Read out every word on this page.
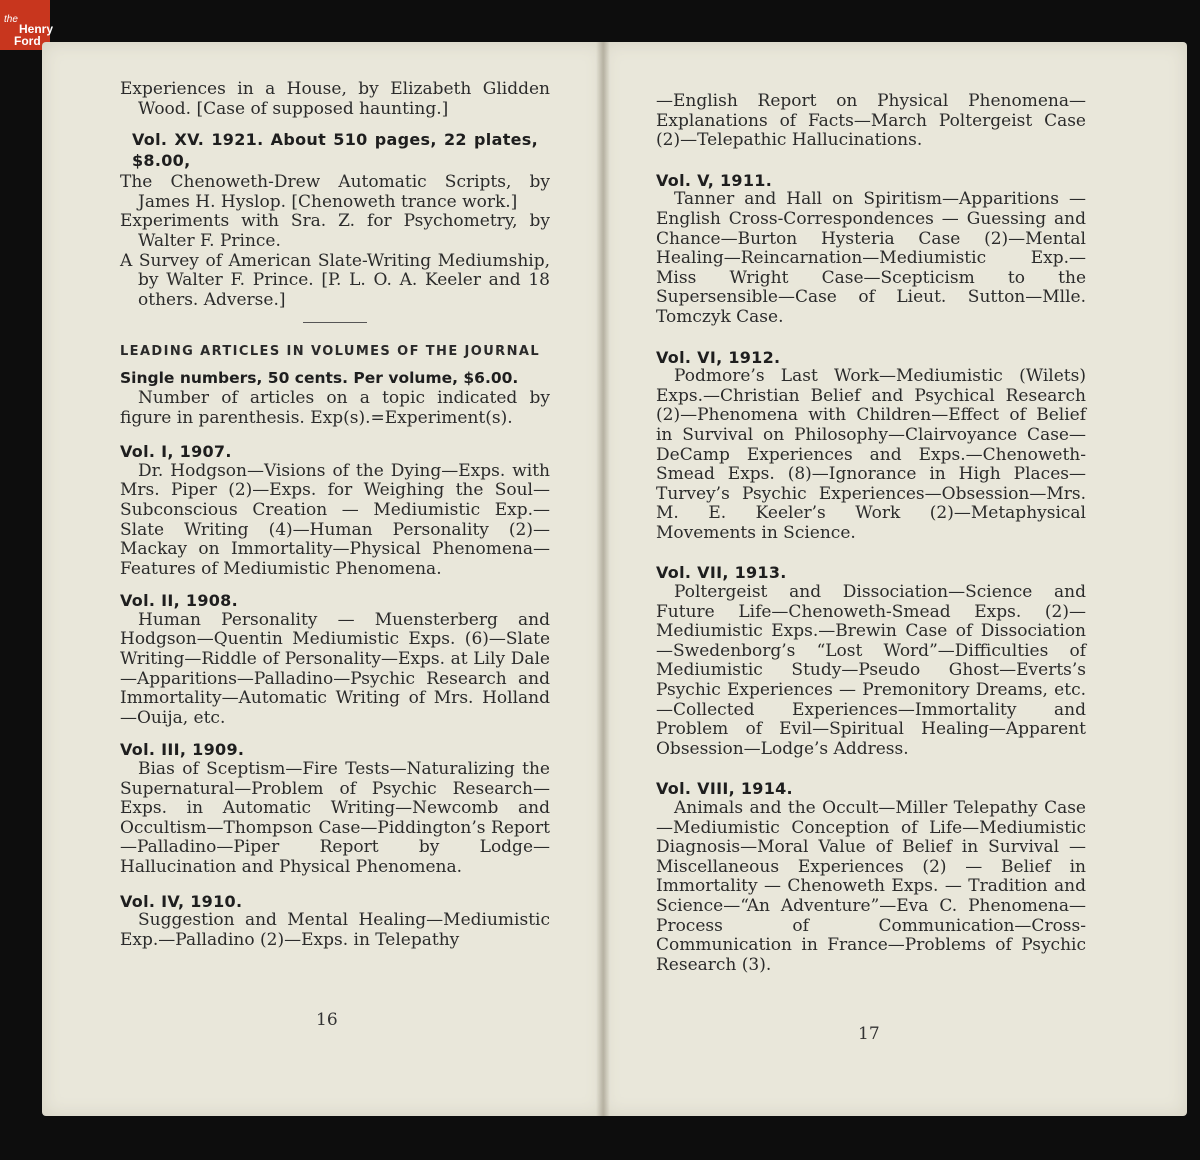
the
Henry
Ford

Experiences in a House, by Elizabeth Glidden Wood. [Case of supposed haunting.]

Vol. XV. 1921. About 510 pages, 22 plates, $8.00,

The Chenoweth-Drew Automatic Scripts, by James H. Hyslop. [Chenoweth trance work.]

Experiments with Sra. Z. for Psychometry, by Walter F. Prince.

A Survey of American Slate-Writing Mediumship, by Walter F. Prince. [P. L. O. A. Keeler and 18 others. Adverse.]

LEADING ARTICLES IN VOLUMES OF THE JOURNAL

Single numbers, 50 cents. Per volume, $6.00.

Number of articles on a topic indicated by figure in parenthesis. Exp(s).=Experiment(s).

Vol. I, 1907.

Dr. Hodgson—Visions of the Dying—Exps. with Mrs. Piper (2)—Exps. for Weighing the Soul—Subconscious Creation — Mediumistic Exp.—Slate Writing (4)—Human Personality (2)—Mackay on Immortality—Physical Phenomena—Features of Mediumistic Phenomena.

Vol. II, 1908.

Human Personality — Muensterberg and Hodgson—Quentin Mediumistic Exps. (6)—Slate Writing—Riddle of Personality—Exps. at Lily Dale—Apparitions—Palladino—Psychic Research and Immortality—Automatic Writing of Mrs. Holland—Ouija, etc.

Vol. III, 1909.

Bias of Sceptism—Fire Tests—Naturalizing the Supernatural—Problem of Psychic Research—Exps. in Automatic Writing—Newcomb and Occultism—Thompson Case—Piddington’s Report—Palladino—Piper Report by Lodge—Hallucination and Physical Phenomena.

Vol. IV, 1910.

Suggestion and Mental Healing—Mediumistic Exp.—Palladino (2)—Exps. in Telepathy

16

—English Report on Physical Phenomena—Explanations of Facts—March Poltergeist Case (2)—Telepathic Hallucinations.

Vol. V, 1911.

Tanner and Hall on Spiritism—Apparitions — English Cross-Correspondences — Guessing and Chance—Burton Hysteria Case (2)—Mental Healing—Reincarnation—Mediumistic Exp.—Miss Wright Case—Scepticism to the Supersensible—Case of Lieut. Sutton—Mlle. Tomczyk Case.

Vol. VI, 1912.

Podmore’s Last Work—Mediumistic (Wilets) Exps.—Christian Belief and Psychical Research (2)—Phenomena with Children—Effect of Belief in Survival on Philosophy—Clairvoyance Case—DeCamp Experiences and Exps.—Chenoweth-Smead Exps. (8)—Ignorance in High Places—Turvey’s Psychic Experiences—Obsession—Mrs. M. E. Keeler’s Work (2)—Metaphysical Movements in Science.

Vol. VII, 1913.

Poltergeist and Dissociation—Science and Future Life—Chenoweth-Smead Exps. (2)—Mediumistic Exps.—Brewin Case of Dissociation—Swedenborg’s “Lost Word”—Difficulties of Mediumistic Study—Pseudo Ghost—Everts’s Psychic Experiences — Premonitory Dreams, etc.—Collected Experiences—Immortality and Problem of Evil—Spiritual Healing—Apparent Obsession—Lodge’s Address.

Vol. VIII, 1914.

Animals and the Occult—Miller Telepathy Case—Mediumistic Conception of Life—Mediumistic Diagnosis—Moral Value of Belief in Survival — Miscellaneous Experiences (2) — Belief in Immortality — Chenoweth Exps. — Tradition and Science—“An Adventure”—Eva C. Phenomena—Process of Communication—Cross-Communication in France—Problems of Psychic Research (3).

17
